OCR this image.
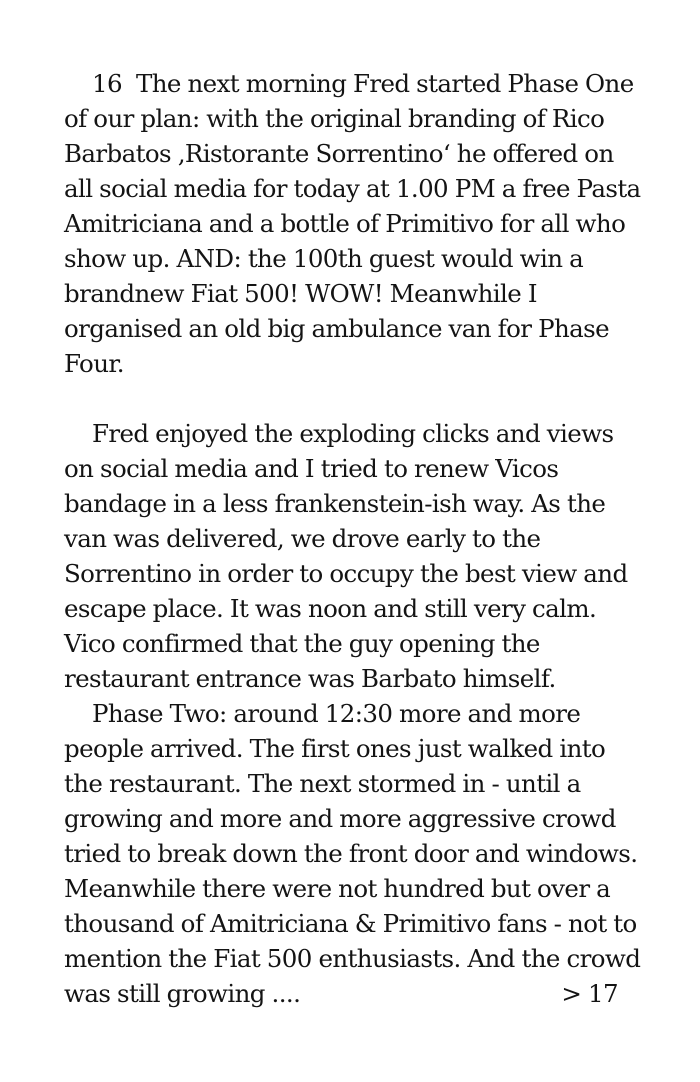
16 The next morning Fred started Phase One of our plan: with the original branding of Rico Barbatos ‚Ristorante Sorrentino‘ he offered on all social media for today at 1.00 PM a free Pasta Amitriciana and a bottle of Primitivo for all who show up. AND: the 100th guest would win a brandnew Fiat 500! WOW! Meanwhile I organised an old big ambulance van for Phase Four.

Fred enjoyed the exploding clicks and views on social media and I tried to renew Vicos bandage in a less frankenstein-ish way. As the van was delivered, we drove early to the Sorrentino in order to occupy the best view and escape place. It was noon and still very calm. Vico confirmed that the guy opening the restaurant entrance was Barbato himself.

Phase Two: around 12:30 more and more people arrived. The first ones just walked into the restaurant. The next stormed in - until a growing and more and more aggressive crowd tried to break down the front door and windows. Meanwhile there were not hundred but over a thousand of Amitriciana & Primitivo fans - not to mention the Fiat 500 enthusiasts. And the crowd was still growing ....	> 17
